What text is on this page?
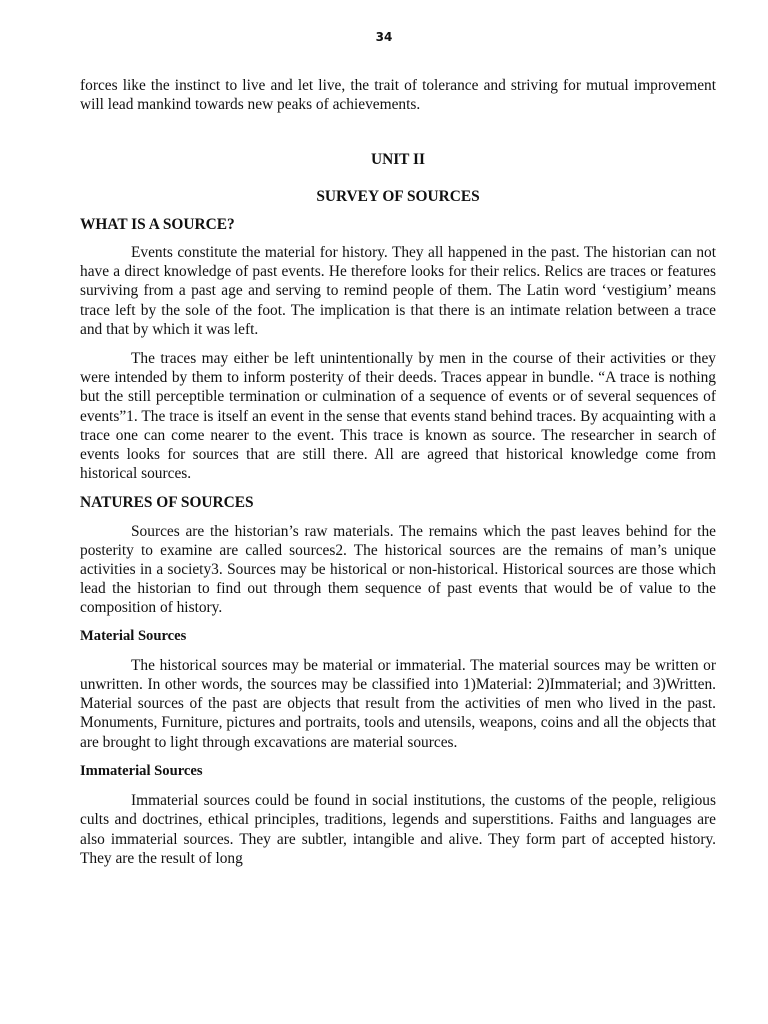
34

forces like the instinct to live and let live, the trait of tolerance and striving for mutual improvement will lead mankind towards new peaks of achievements.

UNIT II

SURVEY OF SOURCES

WHAT IS A SOURCE?

Events constitute the material for history. They all happened in the past. The historian can not have a direct knowledge of past events. He therefore looks for their relics. Relics are traces or features surviving from a past age and serving to remind people of them. The Latin word ‘vestigium’ means trace left by the sole of the foot. The implication is that there is an intimate relation between a trace and that by which it was left.

The traces may either be left unintentionally by men in the course of their activities or they were intended by them to inform posterity of their deeds. Traces appear in bundle. “A trace is nothing but the still perceptible termination or culmination of a sequence of events or of several sequences of events”1. The trace is itself an event in the sense that events stand behind traces. By acquainting with a trace one can come nearer to the event. This trace is known as source. The researcher in search of events looks for sources that are still there. All are agreed that historical knowledge come from historical sources.

NATURES OF SOURCES

Sources are the historian’s raw materials. The remains which the past leaves behind for the posterity to examine are called sources2. The historical sources are the remains of man’s unique activities in a society3. Sources may be historical or non-historical. Historical sources are those which lead the historian to find out through them sequence of past events that would be of value to the composition of history.

Material Sources

The historical sources may be material or immaterial. The material sources may be written or unwritten. In other words, the sources may be classified into 1)Material: 2)Immaterial; and 3)Written. Material sources of the past are objects that result from the activities of men who lived in the past. Monuments, Furniture, pictures and portraits, tools and utensils, weapons, coins and all the objects that are brought to light through excavations are material sources.

Immaterial Sources

Immaterial sources could be found in social institutions, the customs of the people, religious cults and doctrines, ethical principles, traditions, legends and superstitions. Faiths and languages are also immaterial sources. They are subtler, intangible and alive. They form part of accepted history. They are the result of long
